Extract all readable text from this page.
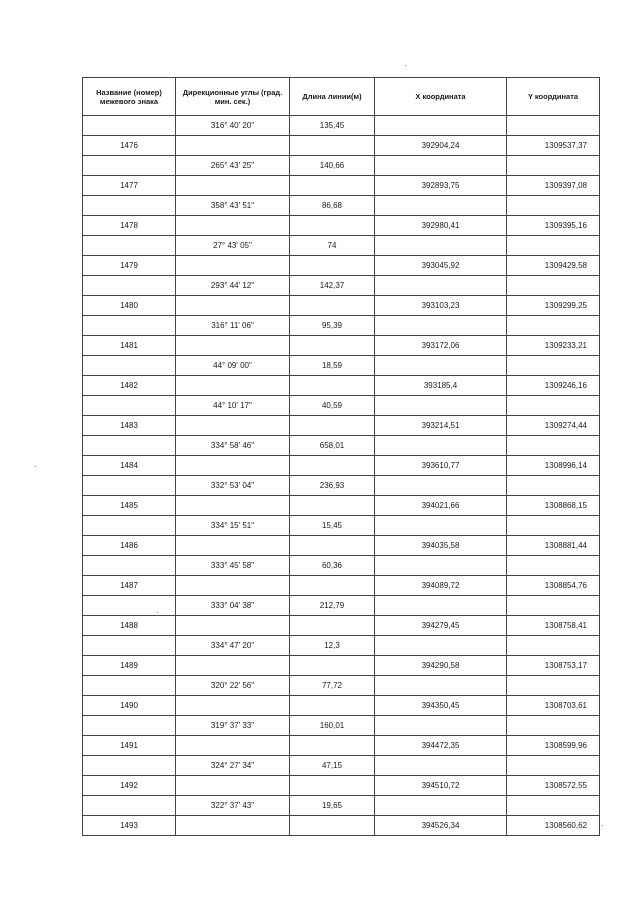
Название (номер) межевого знака	Дирекционные углы (град. мин. сек.)	Длина линии(м)	X координата	Y координата
	316° 40' 20"	135,45		
1476			392904,24	1309537,37
	265° 43' 25"	140,66		
1477			392893,75	1309397,08
	358° 43' 51"	86,68		
1478			392980,41	1309395,16
	27° 43' 05"	74		
1479			393045,92	1309429,58
	293° 44' 12"	142,37		
1480			393103,23	1309299,25
	316° 11' 06"	95,39		
1481			393172,06	1309233,21
	44° 09' 00"	18,59		
1482			393185,4	1309246,16
	44° 10' 17"	40,59		
1483			393214,51	1309274,44
	334° 58' 46"	658,01		
1484			393610,77	1308996,14
	332° 53' 04"	236,93		
1485			394021,66	1308868,15
	334° 15' 51"	15,45		
1486			394035,58	1308881,44
	333° 45' 58"	60,36		
1487			394089,72	1308854,76
	333° 04' 38"	212,79		
1488			394279,45	1308758,41
	334° 47' 20"	12,3		
1489			394290,58	1308753,17
	320° 22' 56"	77,72		
1490			394350,45	1308703,61
	319° 37' 33"	160,01		
1491			394472,35	1308599,96
	324° 27' 34"	47,15		
1492			394510,72	1308572,55
	322° 37' 43"	19,65		
1493			394526,34	1308560,62
